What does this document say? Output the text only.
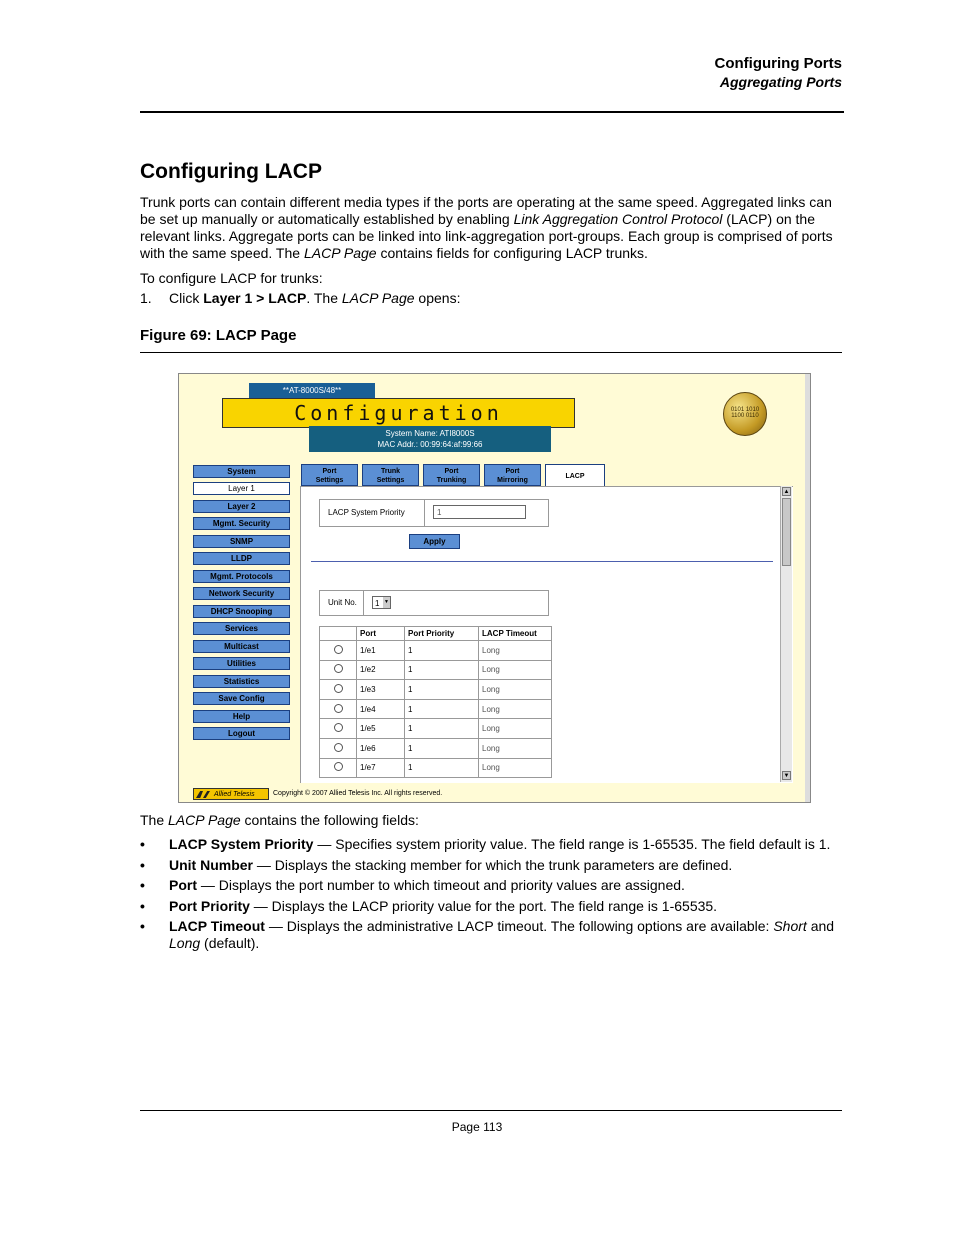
Configuring Ports
Aggregating Ports
Configuring LACP
Trunk ports can contain different media types if the ports are operating at the same speed. Aggregated links can be set up manually or automatically established by enabling Link Aggregation Control Protocol (LACP) on the relevant links. Aggregate ports can be linked into link-aggregation port-groups. Each group is comprised of ports with the same speed. The LACP Page contains fields for configuring LACP trunks.
To configure LACP for trunks:
1. Click Layer 1 > LACP. The LACP Page opens:
Figure 69: LACP Page
**AT-8000S/48**
Configuration
System Name: ATI8000S
MAC Addr.: 00:99:64:af:99:66
0101 1010
1100 0110
System
Layer 1
Layer 2
Mgmt. Security
SNMP
LLDP
Mgmt. Protocols
Network Security
DHCP Snooping
Services
Multicast
Utilities
Statistics
Save Config
Help
Logout
Port
Settings
Trunk
Settings
Port
Trunking
Port
Mirroring
LACP
LACP System Priority	1
Apply
Unit No.	1 ▼
	Port	Port Priority	LACP Timeout
	1/e1	1	Long
	1/e2	1	Long
	1/e3	1	Long
	1/e4	1	Long
	1/e5	1	Long
	1/e6	1	Long
	1/e7	1	Long
▲
▼
Allied Telesis	Copyright © 2007 Allied Telesis Inc. All rights reserved.
The LACP Page contains the following fields:
• LACP System Priority — Specifies system priority value. The field range is 1-65535. The field default is 1.
• Unit Number — Displays the stacking member for which the trunk parameters are defined.
• Port — Displays the port number to which timeout and priority values are assigned.
• Port Priority — Displays the LACP priority value for the port. The field range is 1-65535.
• LACP Timeout — Displays the administrative LACP timeout. The following options are available: Short and Long (default).
Page 113
